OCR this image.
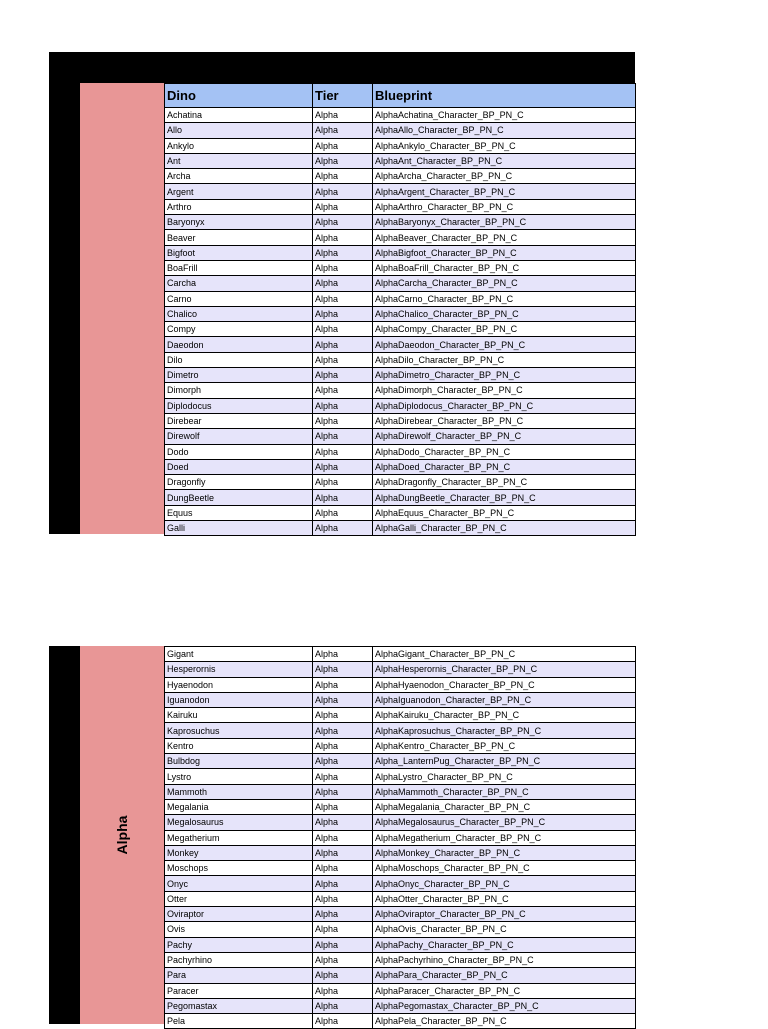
Dino	Tier	Blueprint
Achatina	Alpha	AlphaAchatina_Character_BP_PN_C
Allo	Alpha	AlphaAllo_Character_BP_PN_C
Ankylo	Alpha	AlphaAnkylo_Character_BP_PN_C
Ant	Alpha	AlphaAnt_Character_BP_PN_C
Archa	Alpha	AlphaArcha_Character_BP_PN_C
Argent	Alpha	AlphaArgent_Character_BP_PN_C
Arthro	Alpha	AlphaArthro_Character_BP_PN_C
Baryonyx	Alpha	AlphaBaryonyx_Character_BP_PN_C
Beaver	Alpha	AlphaBeaver_Character_BP_PN_C
Bigfoot	Alpha	AlphaBigfoot_Character_BP_PN_C
BoaFrill	Alpha	AlphaBoaFrill_Character_BP_PN_C
Carcha	Alpha	AlphaCarcha_Character_BP_PN_C
Carno	Alpha	AlphaCarno_Character_BP_PN_C
Chalico	Alpha	AlphaChalico_Character_BP_PN_C
Compy	Alpha	AlphaCompy_Character_BP_PN_C
Daeodon	Alpha	AlphaDaeodon_Character_BP_PN_C
Dilo	Alpha	AlphaDilo_Character_BP_PN_C
Dimetro	Alpha	AlphaDimetro_Character_BP_PN_C
Dimorph	Alpha	AlphaDimorph_Character_BP_PN_C
Diplodocus	Alpha	AlphaDiplodocus_Character_BP_PN_C
Direbear	Alpha	AlphaDirebear_Character_BP_PN_C
Direwolf	Alpha	AlphaDirewolf_Character_BP_PN_C
Dodo	Alpha	AlphaDodo_Character_BP_PN_C
Doed	Alpha	AlphaDoed_Character_BP_PN_C
Dragonfly	Alpha	AlphaDragonfly_Character_BP_PN_C
DungBeetle	Alpha	AlphaDungBeetle_Character_BP_PN_C
Equus	Alpha	AlphaEquus_Character_BP_PN_C
Galli	Alpha	AlphaGalli_Character_BP_PN_C
Alpha
Gigant	Alpha	AlphaGigant_Character_BP_PN_C
Hesperornis	Alpha	AlphaHesperornis_Character_BP_PN_C
Hyaenodon	Alpha	AlphaHyaenodon_Character_BP_PN_C
Iguanodon	Alpha	AlphaIguanodon_Character_BP_PN_C
Kairuku	Alpha	AlphaKairuku_Character_BP_PN_C
Kaprosuchus	Alpha	AlphaKaprosuchus_Character_BP_PN_C
Kentro	Alpha	AlphaKentro_Character_BP_PN_C
Bulbdog	Alpha	Alpha_LanternPug_Character_BP_PN_C
Lystro	Alpha	AlphaLystro_Character_BP_PN_C
Mammoth	Alpha	AlphaMammoth_Character_BP_PN_C
Megalania	Alpha	AlphaMegalania_Character_BP_PN_C
Megalosaurus	Alpha	AlphaMegalosaurus_Character_BP_PN_C
Megatherium	Alpha	AlphaMegatherium_Character_BP_PN_C
Monkey	Alpha	AlphaMonkey_Character_BP_PN_C
Moschops	Alpha	AlphaMoschops_Character_BP_PN_C
Onyc	Alpha	AlphaOnyc_Character_BP_PN_C
Otter	Alpha	AlphaOtter_Character_BP_PN_C
Oviraptor	Alpha	AlphaOviraptor_Character_BP_PN_C
Ovis	Alpha	AlphaOvis_Character_BP_PN_C
Pachy	Alpha	AlphaPachy_Character_BP_PN_C
Pachyrhino	Alpha	AlphaPachyrhino_Character_BP_PN_C
Para	Alpha	AlphaPara_Character_BP_PN_C
Paracer	Alpha	AlphaParacer_Character_BP_PN_C
Pegomastax	Alpha	AlphaPegomastax_Character_BP_PN_C
Pela	Alpha	AlphaPela_Character_BP_PN_C
